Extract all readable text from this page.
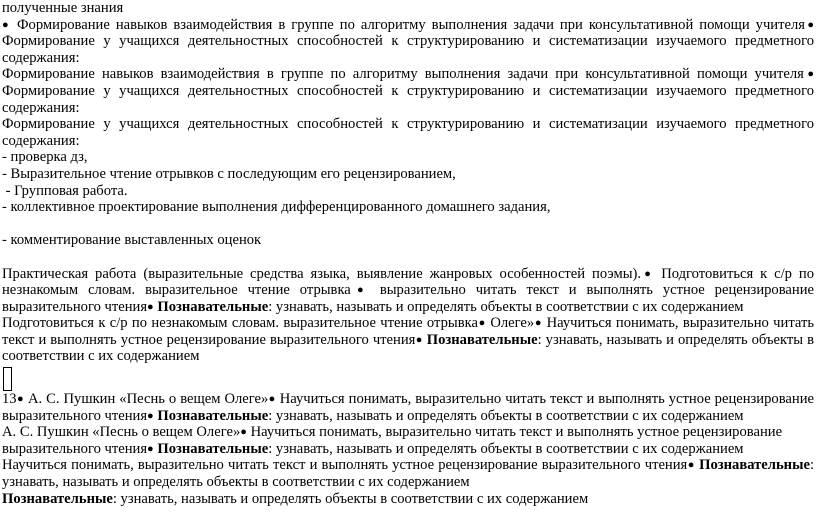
полученные знания

● Формирование навыков взаимодействия в группе по алгоритму выполнения задачи при консультативной помощи учителя● Формирование у учащихся деятельностных способностей к структурированию и систематизации изучаемого предметного содержания:

Формирование навыков взаимодействия в группе по алгоритму выполнения задачи при консультативной помощи учителя● Формирование у учащихся деятельностных способностей к структурированию и систематизации изучаемого предметного содержания:

Формирование у учащихся деятельностных способностей к структурированию и систематизации изучаемого предметного содержания:

- проверка дз,

- Выразительное чтение отрывков с последующим его рецензированием,

- Групповая работа.

- коллективное проектирование выполнения дифференцированного домашнего задания,

- комментирование выставленных оценок

Практическая работа (выразительные средства языка, выявление жанровых особенностей поэмы).● Подготовиться к с/р по незнакомым словам. выразительное чтение отрывка● выразительно читать текст и выполнять устное рецензирование выразительного чтения● Познавательные: узнавать, называть и определять объекты в соответствии с их содержанием

Подготовиться к с/р по незнакомым словам. выразительное чтение отрывка● Олеге»● Научиться понимать, выразительно читать текст и выполнять устное рецензирование выразительного чтения● Познавательные: узнавать, называть и определять объекты в соответствии с их содержанием

13● А. С. Пушкин «Песнь о вещем Олеге»● Научиться понимать, выразительно читать текст и выполнять устное рецензирование выразительного чтения● Познавательные: узнавать, называть и определять объекты в соответствии с их содержанием

А. С. Пушкин «Песнь о вещем Олеге»● Научиться понимать, выразительно читать текст и выполнять устное рецензирование выразительного чтения● Познавательные: узнавать, называть и определять объекты в соответствии с их содержанием

Научиться понимать, выразительно читать текст и выполнять устное рецензирование выразительного чтения● Познавательные: узнавать, называть и определять объекты в соответствии с их содержанием

Познавательные: узнавать, называть и определять объекты в соответствии с их содержанием
